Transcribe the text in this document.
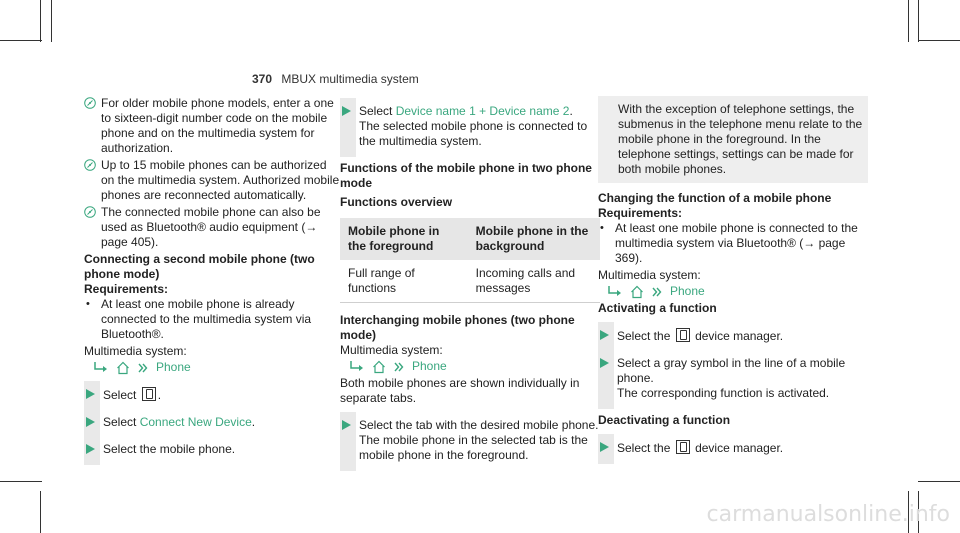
370 MBUX multimedia system
For older mobile phone models, enter a one to sixteen-digit number code on the mobile phone and on the multimedia system for authorization.
Up to 15 mobile phones can be authorized on the multimedia system. Authorized mobile phones are reconnected automatically.
The connected mobile phone can also be used as Bluetooth® audio equipment (→ page 405).
Connecting a second mobile phone (two phone mode)
Requirements:
• At least one mobile phone is already connected to the multimedia system via Bluetooth®.
Multimedia system:
Phone
Select .
Select Connect New Device.
Select the mobile phone.
Select Device name 1 + Device name 2.
The selected mobile phone is connected to the multimedia system.
Functions of the mobile phone in two phone mode
Functions overview
Mobile phone in the foreground	Mobile phone in the background
Full range of functions	Incoming calls and messages
Interchanging mobile phones (two phone mode)
Multimedia system:
Phone
Both mobile phones are shown individually in separate tabs.
Select the tab with the desired mobile phone.
The mobile phone in the selected tab is the mobile phone in the foreground.
With the exception of telephone settings, the submenus in the telephone menu relate to the mobile phone in the foreground. In the telephone settings, settings can be made for both mobile phones.
Changing the function of a mobile phone
Requirements:
• At least one mobile phone is connected to the multimedia system via Bluetooth® (→ page 369).
Multimedia system:
Phone
Activating a function
Select the device manager.
Select a gray symbol in the line of a mobile phone.
The corresponding function is activated.
Deactivating a function
Select the device manager.
carmanualsonline.info
